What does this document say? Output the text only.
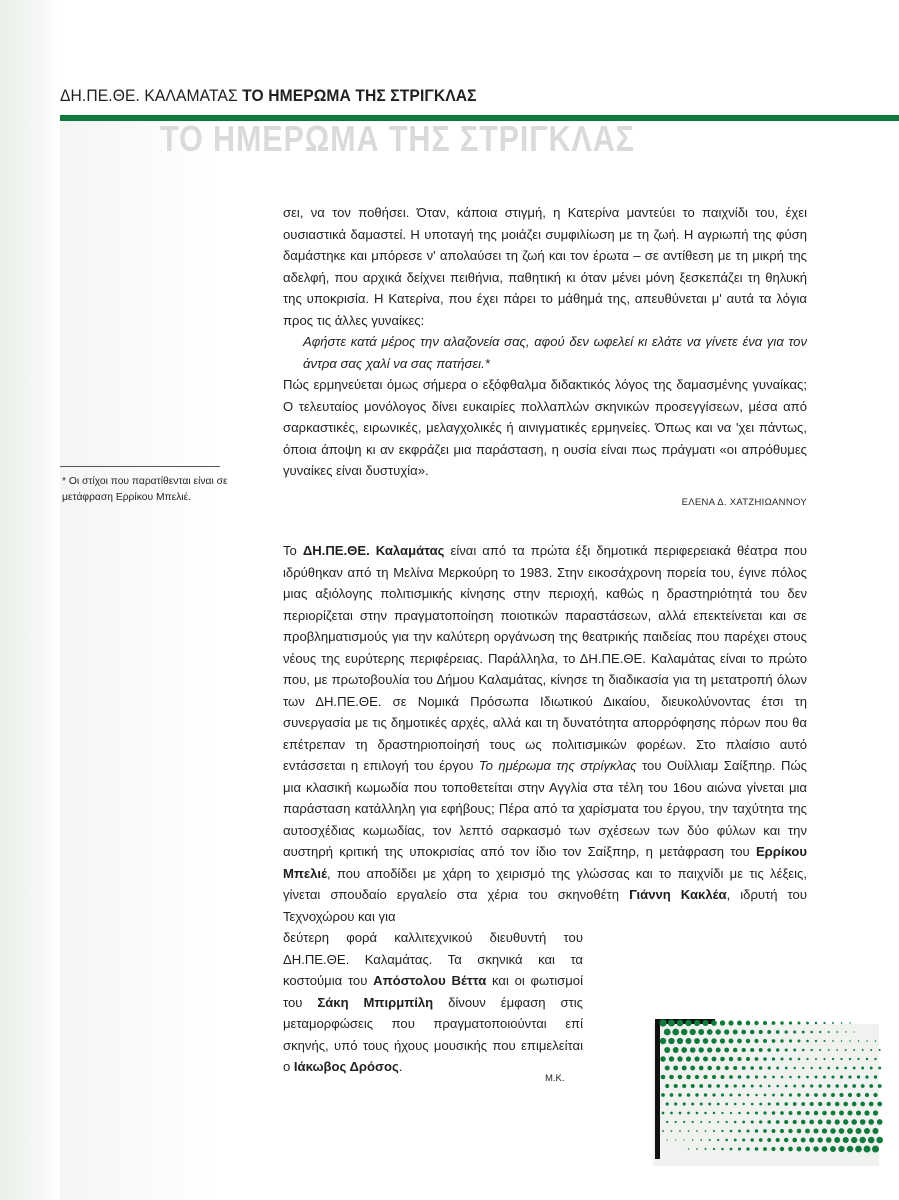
ΔΗ.ΠΕ.ΘΕ. ΚΑΛΑΜΑΤΑΣ ΤΟ ΗΜΕΡΩΜΑ ΤΗΣ ΣΤΡΙΓΚΛΑΣ
ΤΟ ΗΜΕΡΩΜΑ ΤΗΣ ΣΤΡΙΓΚΛΑΣ

σει, να τον ποθήσει. Όταν, κάποια στιγμή, η Κατερίνα μαντεύει το παιχνίδι του, έχει ουσιαστικά δαμαστεί. Η υποταγή της μοιάζει συμφιλίωση με τη ζωή. Η αγριωπή της φύση δαμάστηκε και μπόρεσε ν' απολαύσει τη ζωή και τον έρωτα – σε αντίθεση με τη μικρή της αδελφή, που αρχικά δείχνει πειθήνια, παθητική κι όταν μένει μόνη ξεσκεπάζει τη θηλυκή της υποκρισία. Η Κατερίνα, που έχει πάρει το μάθημά της, απευθύνεται μ' αυτά τα λόγια προς τις άλλες γυναίκες:

Αφήστε κατά μέρος την αλαζονεία σας, αφού δεν ωφελεί κι ελάτε να γίνετε ένα για τον άντρα σας χαλί να σας πατήσει.*

Πώς ερμηνεύεται όμως σήμερα ο εξόφθαλμα διδακτικός λόγος της δαμασμένης γυναίκας; Ο τελευταίος μονόλογος δίνει ευκαιρίες πολλαπλών σκηνικών προσεγγίσεων, μέσα από σαρκαστικές, ειρωνικές, μελαγχολικές ή αινιγματικές ερμηνείες. Όπως και να 'χει πάντως, όποια άποψη κι αν εκφράζει μια παράσταση, η ουσία είναι πως πράγματι «οι απρόθυμες γυναίκες είναι δυστυχία».

ΕΛΕΝΑ Δ. ΧΑΤΖΗΙΩΑΝΝΟΥ
* Οι στίχοι που παρατίθενται είναι σε μετάφραση Ερρίκου Μπελιέ.

Το ΔΗ.ΠΕ.ΘΕ. Καλαμάτας είναι από τα πρώτα έξι δημοτικά περιφερειακά θέατρα που ιδρύθηκαν από τη Μελίνα Μερκούρη το 1983. Στην εικοσάχρονη πορεία του, έγινε πόλος μιας αξιόλογης πολιτισμικής κίνησης στην περιοχή, καθώς η δραστηριότητά του δεν περιορίζεται στην πραγματοποίηση ποιοτικών παραστάσεων, αλλά επεκτείνεται και σε προβληματισμούς για την καλύτερη οργάνωση της θεατρικής παιδείας που παρέχει στους νέους της ευρύτερης περιφέρειας. Παράλληλα, το ΔΗ.ΠΕ.ΘΕ. Καλαμάτας είναι το πρώτο που, με πρωτοβουλία του Δήμου Καλαμάτας, κίνησε τη διαδικασία για τη μετατροπή όλων των ΔΗ.ΠΕ.ΘΕ. σε Νομικά Πρόσωπα Ιδιωτικού Δικαίου, διευκολύνοντας έτσι τη συνεργασία με τις δημοτικές αρχές, αλλά και τη δυνατότητα απορρόφησης πόρων που θα επέτρεπαν τη δραστηριοποίησή τους ως πολιτισμικών φορέων. Στο πλαίσιο αυτό εντάσσεται η επιλογή του έργου Το ημέρωμα της στρίγκλας του Ουίλλιαμ Σαίξπηρ. Πώς μια κλασική κωμωδία που τοποθετείται στην Αγγλία στα τέλη του 16ου αιώνα γίνεται μια παράσταση κατάλληλη για εφήβους; Πέρα από τα χαρίσματα του έργου, την ταχύτητα της αυτοσχέδιας κωμωδίας, τον λεπτό σαρκασμό των σχέσεων των δύο φύλων και την αυστηρή κριτική της υποκρισίας από τον ίδιο τον Σαίξπηρ, η μετάφραση του Ερρίκου Μπελιέ, που αποδίδει με χάρη το χειρισμό της γλώσσας και το παιχνίδι με τις λέξεις, γίνεται σπουδαίο εργαλείο στα χέρια του σκηνοθέτη Γιάννη Κακλέα, ιδρυτή του Τεχνοχώρου και για

δεύτερη φορά καλλιτεχνικού διευθυντή του ΔΗ.ΠΕ.ΘΕ. Καλαμάτας. Τα σκηνικά και τα κοστούμια του Απόστολου Βέττα και οι φωτισμοί του Σάκη Μπιρμπίλη δίνουν έμφαση στις μεταμορφώσεις που πραγματοποιούνται επί σκηνής, υπό τους ήχους μουσικής που επιμελείται ο Ιάκωβος Δρόσος.

Μ.Κ.
